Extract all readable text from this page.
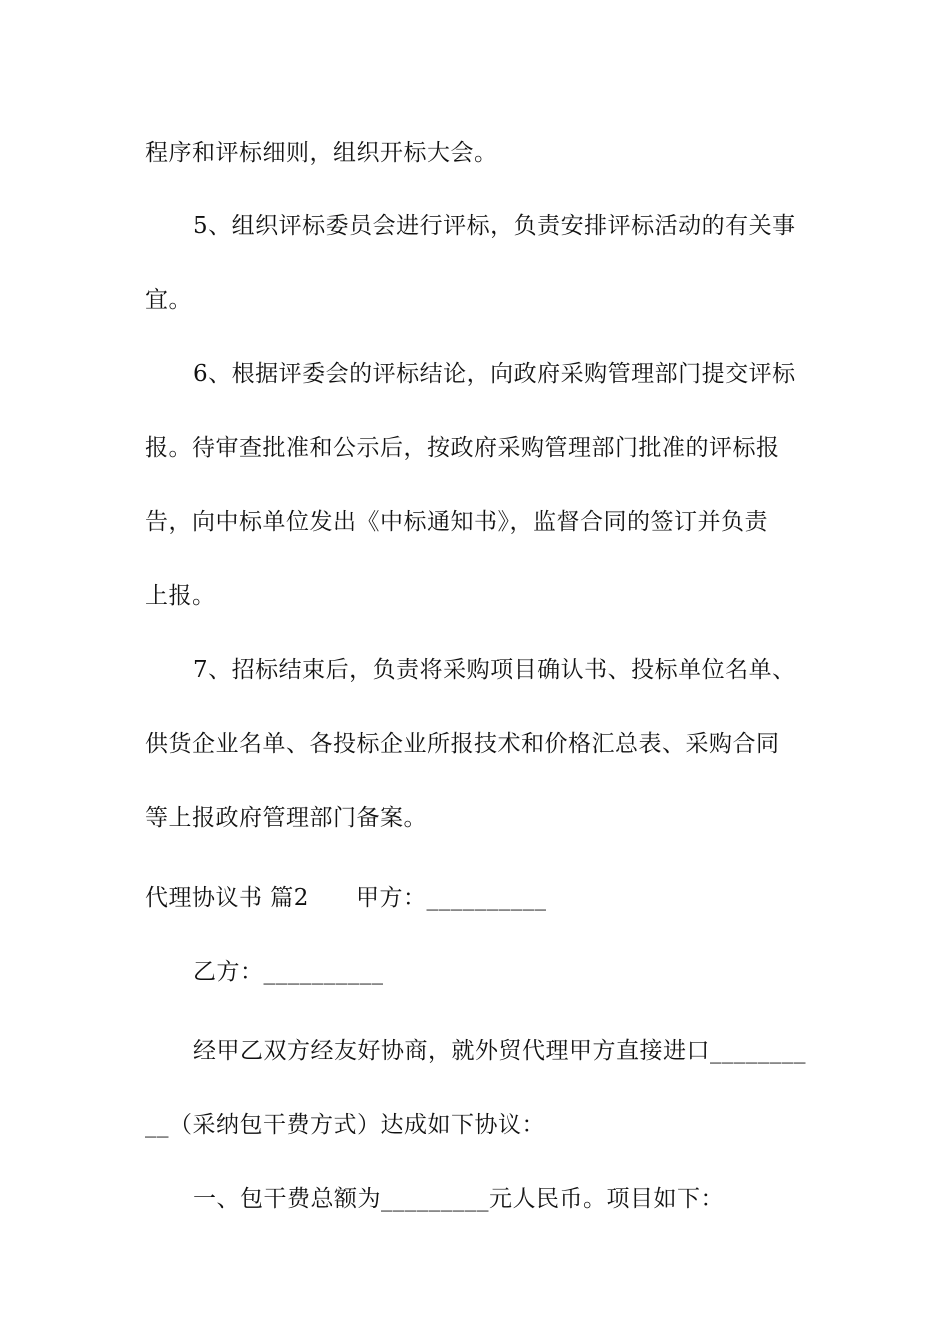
程序和评标细则，组织开标大会。
5、组织评标委员会进行评标，负责安排评标活动的有关事
宜。
6、根据评委会的评标结论，向政府采购管理部门提交评标
报。待审查批准和公示后，按政府采购管理部门批准的评标报
告，向中标单位发出《中标通知书》，监督合同的签订并负责
上报。
7、招标结束后，负责将采购项目确认书、投标单位名单、
供货企业名单、各投标企业所报技术和价格汇总表、采购合同
等上报政府管理部门备案。
代理协议书 篇2　　甲方：__________
乙方：__________
经甲乙双方经友好协商，就外贸代理甲方直接进口________
__（采纳包干费方式）达成如下协议：
一、包干费总额为_________元人民币。项目如下：
